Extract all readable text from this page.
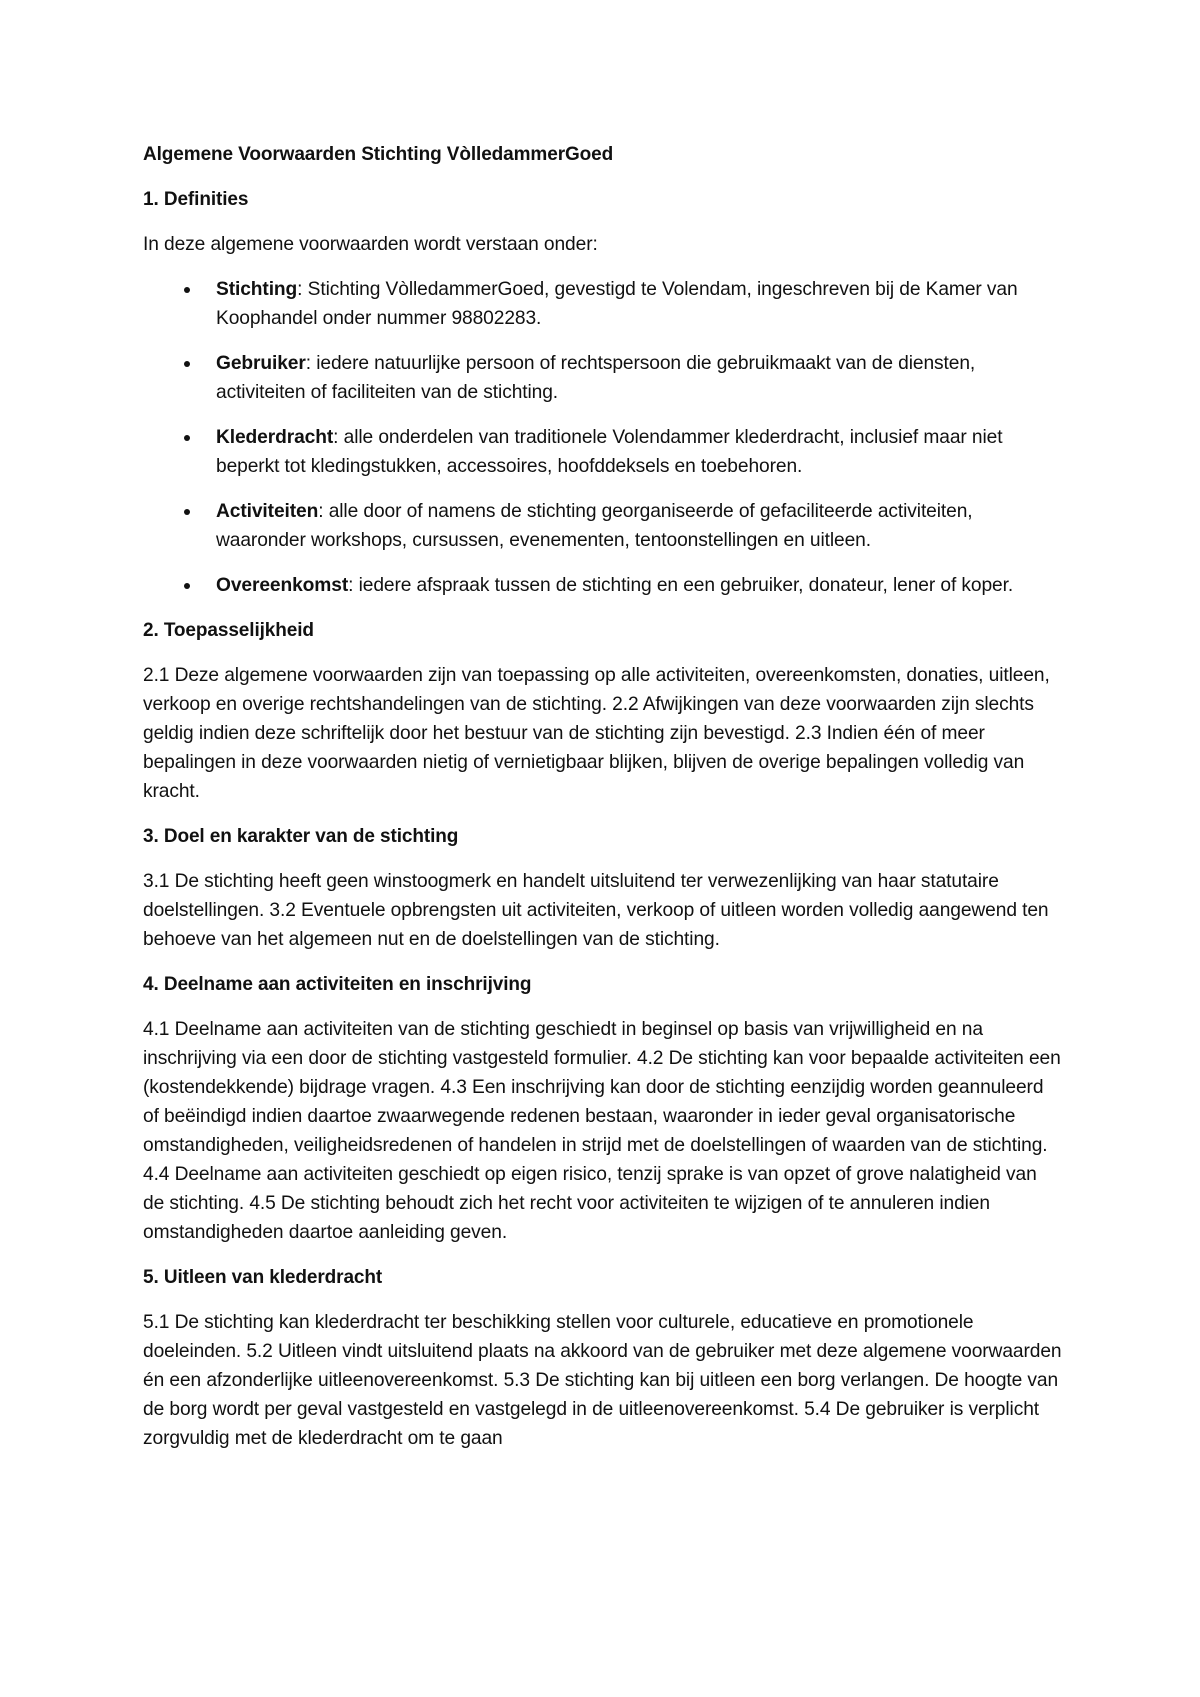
Algemene Voorwaarden Stichting VòlledammerGoed
1. Definities

In deze algemene voorwaarden wordt verstaan onder:

Stichting: Stichting VòlledammerGoed, gevestigd te Volendam, ingeschreven bij de Kamer van Koophandel onder nummer 98802283.
Gebruiker: iedere natuurlijke persoon of rechtspersoon die gebruikmaakt van de diensten, activiteiten of faciliteiten van de stichting.
Klederdracht: alle onderdelen van traditionele Volendammer klederdracht, inclusief maar niet beperkt tot kledingstukken, accessoires, hoofddeksels en toebehoren.
Activiteiten: alle door of namens de stichting georganiseerde of gefaciliteerde activiteiten, waaronder workshops, cursussen, evenementen, tentoonstellingen en uitleen.
Overeenkomst: iedere afspraak tussen de stichting en een gebruiker, donateur, lener of koper.
2. Toepasselijkheid

2.1 Deze algemene voorwaarden zijn van toepassing op alle activiteiten, overeenkomsten, donaties, uitleen, verkoop en overige rechtshandelingen van de stichting. 2.2 Afwijkingen van deze voorwaarden zijn slechts geldig indien deze schriftelijk door het bestuur van de stichting zijn bevestigd. 2.3 Indien één of meer bepalingen in deze voorwaarden nietig of vernietigbaar blijken, blijven de overige bepalingen volledig van kracht.

3. Doel en karakter van de stichting

3.1 De stichting heeft geen winstoogmerk en handelt uitsluitend ter verwezenlijking van haar statutaire doelstellingen. 3.2 Eventuele opbrengsten uit activiteiten, verkoop of uitleen worden volledig aangewend ten behoeve van het algemeen nut en de doelstellingen van de stichting.

4. Deelname aan activiteiten en inschrijving

4.1 Deelname aan activiteiten van de stichting geschiedt in beginsel op basis van vrijwilligheid en na inschrijving via een door de stichting vastgesteld formulier. 4.2 De stichting kan voor bepaalde activiteiten een (kostendekkende) bijdrage vragen. 4.3 Een inschrijving kan door de stichting eenzijdig worden geannuleerd of beëindigd indien daartoe zwaarwegende redenen bestaan, waaronder in ieder geval organisatorische omstandigheden, veiligheidsredenen of handelen in strijd met de doelstellingen of waarden van de stichting. 4.4 Deelname aan activiteiten geschiedt op eigen risico, tenzij sprake is van opzet of grove nalatigheid van de stichting. 4.5 De stichting behoudt zich het recht voor activiteiten te wijzigen of te annuleren indien omstandigheden daartoe aanleiding geven.

5. Uitleen van klederdracht

5.1 De stichting kan klederdracht ter beschikking stellen voor culturele, educatieve en promotionele doeleinden. 5.2 Uitleen vindt uitsluitend plaats na akkoord van de gebruiker met deze algemene voorwaarden én een afzonderlijke uitleenovereenkomst. 5.3 De stichting kan bij uitleen een borg verlangen. De hoogte van de borg wordt per geval vastgesteld en vastgelegd in de uitleenovereenkomst. 5.4 De gebruiker is verplicht zorgvuldig met de klederdracht om te gaan
